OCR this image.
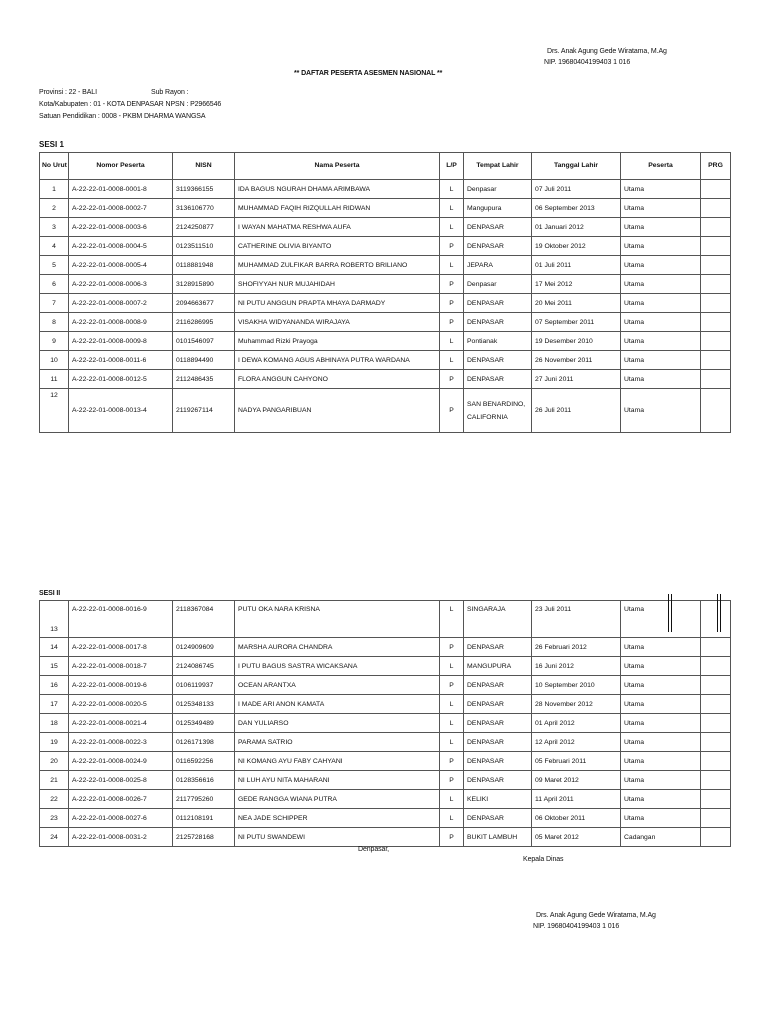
Drs. Anak Agung Gede Wiratama, M.Ag
NIP. 19680404199403 1 016
** DAFTAR PESERTA ASESMEN NASIONAL **
Provinsi : 22 - BALI	Sub Rayon :
Kota/Kabupaten : 01 - KOTA DENPASAR NPSN : P2966546
Satuan Pendidikan : 0008 - PKBM DHARMA WANGSA
SESI 1
No Urut	Nomor Peserta	NISN	Nama Peserta	L/P	Tempat Lahir	Tanggal Lahir	Peserta	PRG
1	A-22-22-01-0008-0001-8	3119366155	IDA BAGUS NGURAH DHAMA ARIMBAWA	L	Denpasar	07 Juli 2011	Utama	
2	A-22-22-01-0008-0002-7	3136106770	MUHAMMAD FAQIH RIZQULLAH RIDWAN	L	Mangupura	06 September 2013	Utama	
3	A-22-22-01-0008-0003-6	2124250877	I WAYAN MAHATMA RESHWA AUFA	L	DENPASAR	01 Januari 2012	Utama	
4	A-22-22-01-0008-0004-5	0123511510	CATHERINE OLIVIA BIYANTO	P	DENPASAR	19 Oktober 2012	Utama	
5	A-22-22-01-0008-0005-4	0118881948	MUHAMMAD ZULFIKAR BARRA ROBERTO BRILIANO	L	JEPARA	01 Juli 2011	Utama	
6	A-22-22-01-0008-0006-3	3128915890	SHOFIYYAH NUR MUJAHIDAH	P	Denpasar	17 Mei 2012	Utama	
7	A-22-22-01-0008-0007-2	2094663677	NI PUTU ANGGUN PRAPTA MHAYA DARMADY	P	DENPASAR	20 Mei 2011	Utama	
8	A-22-22-01-0008-0008-9	2116286995	VISAKHA WIDYANANDA WIRAJAYA	P	DENPASAR	07 September 2011	Utama	
9	A-22-22-01-0008-0009-8	0101546097	Muhammad Rizki Prayoga	L	Pontianak	19 Desember 2010	Utama	
10	A-22-22-01-0008-0011-6	0118894490	I DEWA KOMANG AGUS ABHINAYA PUTRA WARDANA	L	DENPASAR	26 November 2011	Utama	
11	A-22-22-01-0008-0012-5	2112486435	FLORA ANGGUN CAHYONO	P	DENPASAR	27 Juni 2011	Utama	
12	A-22-22-01-0008-0013-4	2119267114	NADYA PANGARIBUAN	P	SAN BENARDINO, CALIFORNIA	26 Juli 2011	Utama	
SESI II
13	A-22-22-01-0008-0016-9	2118367084	PUTU OKA NARA KRISNA	L	SINGARAJA	23 Juli 2011	Utama	
14	A-22-22-01-0008-0017-8	0124909609	MARSHA AURORA CHANDRA	P	DENPASAR	26 Februari 2012	Utama	
15	A-22-22-01-0008-0018-7	2124086745	I PUTU BAGUS SASTRA WICAKSANA	L	MANGUPURA	16 Juni 2012	Utama	
16	A-22-22-01-0008-0019-6	0106119937	OCEAN ARANTXA	P	DENPASAR	10 September 2010	Utama	
17	A-22-22-01-0008-0020-5	0125348133	I MADE ARI ANON KAMATA	L	DENPASAR	28 November 2012	Utama	
18	A-22-22-01-0008-0021-4	0125349489	DAN YULIARSO	L	DENPASAR	01 April 2012	Utama	
19	A-22-22-01-0008-0022-3	0126171398	PARAMA SATRIO	L	DENPASAR	12 April 2012	Utama	
20	A-22-22-01-0008-0024-9	0116592256	NI KOMANG AYU FABY CAHYANI	P	DENPASAR	05 Februari 2011	Utama	
21	A-22-22-01-0008-0025-8	0128356616	NI LUH AYU NITA MAHARANI	P	DENPASAR	09 Maret 2012	Utama	
22	A-22-22-01-0008-0026-7	2117795260	GEDE RANGGA WIANA PUTRA	L	KELIKI	11 April 2011	Utama	
23	A-22-22-01-0008-0027-6	0112108191	NEA JADE SCHIPPER	L	DENPASAR	06 Oktober 2011	Utama	
24	A-22-22-01-0008-0031-2	2125728168	NI PUTU SWANDEWI	P	BUKIT LAMBUH	05 Maret 2012	Cadangan	
Denpasar,
Kepala Dinas
Drs. Anak Agung Gede Wiratama, M.Ag
NIP. 19680404199403 1 016
